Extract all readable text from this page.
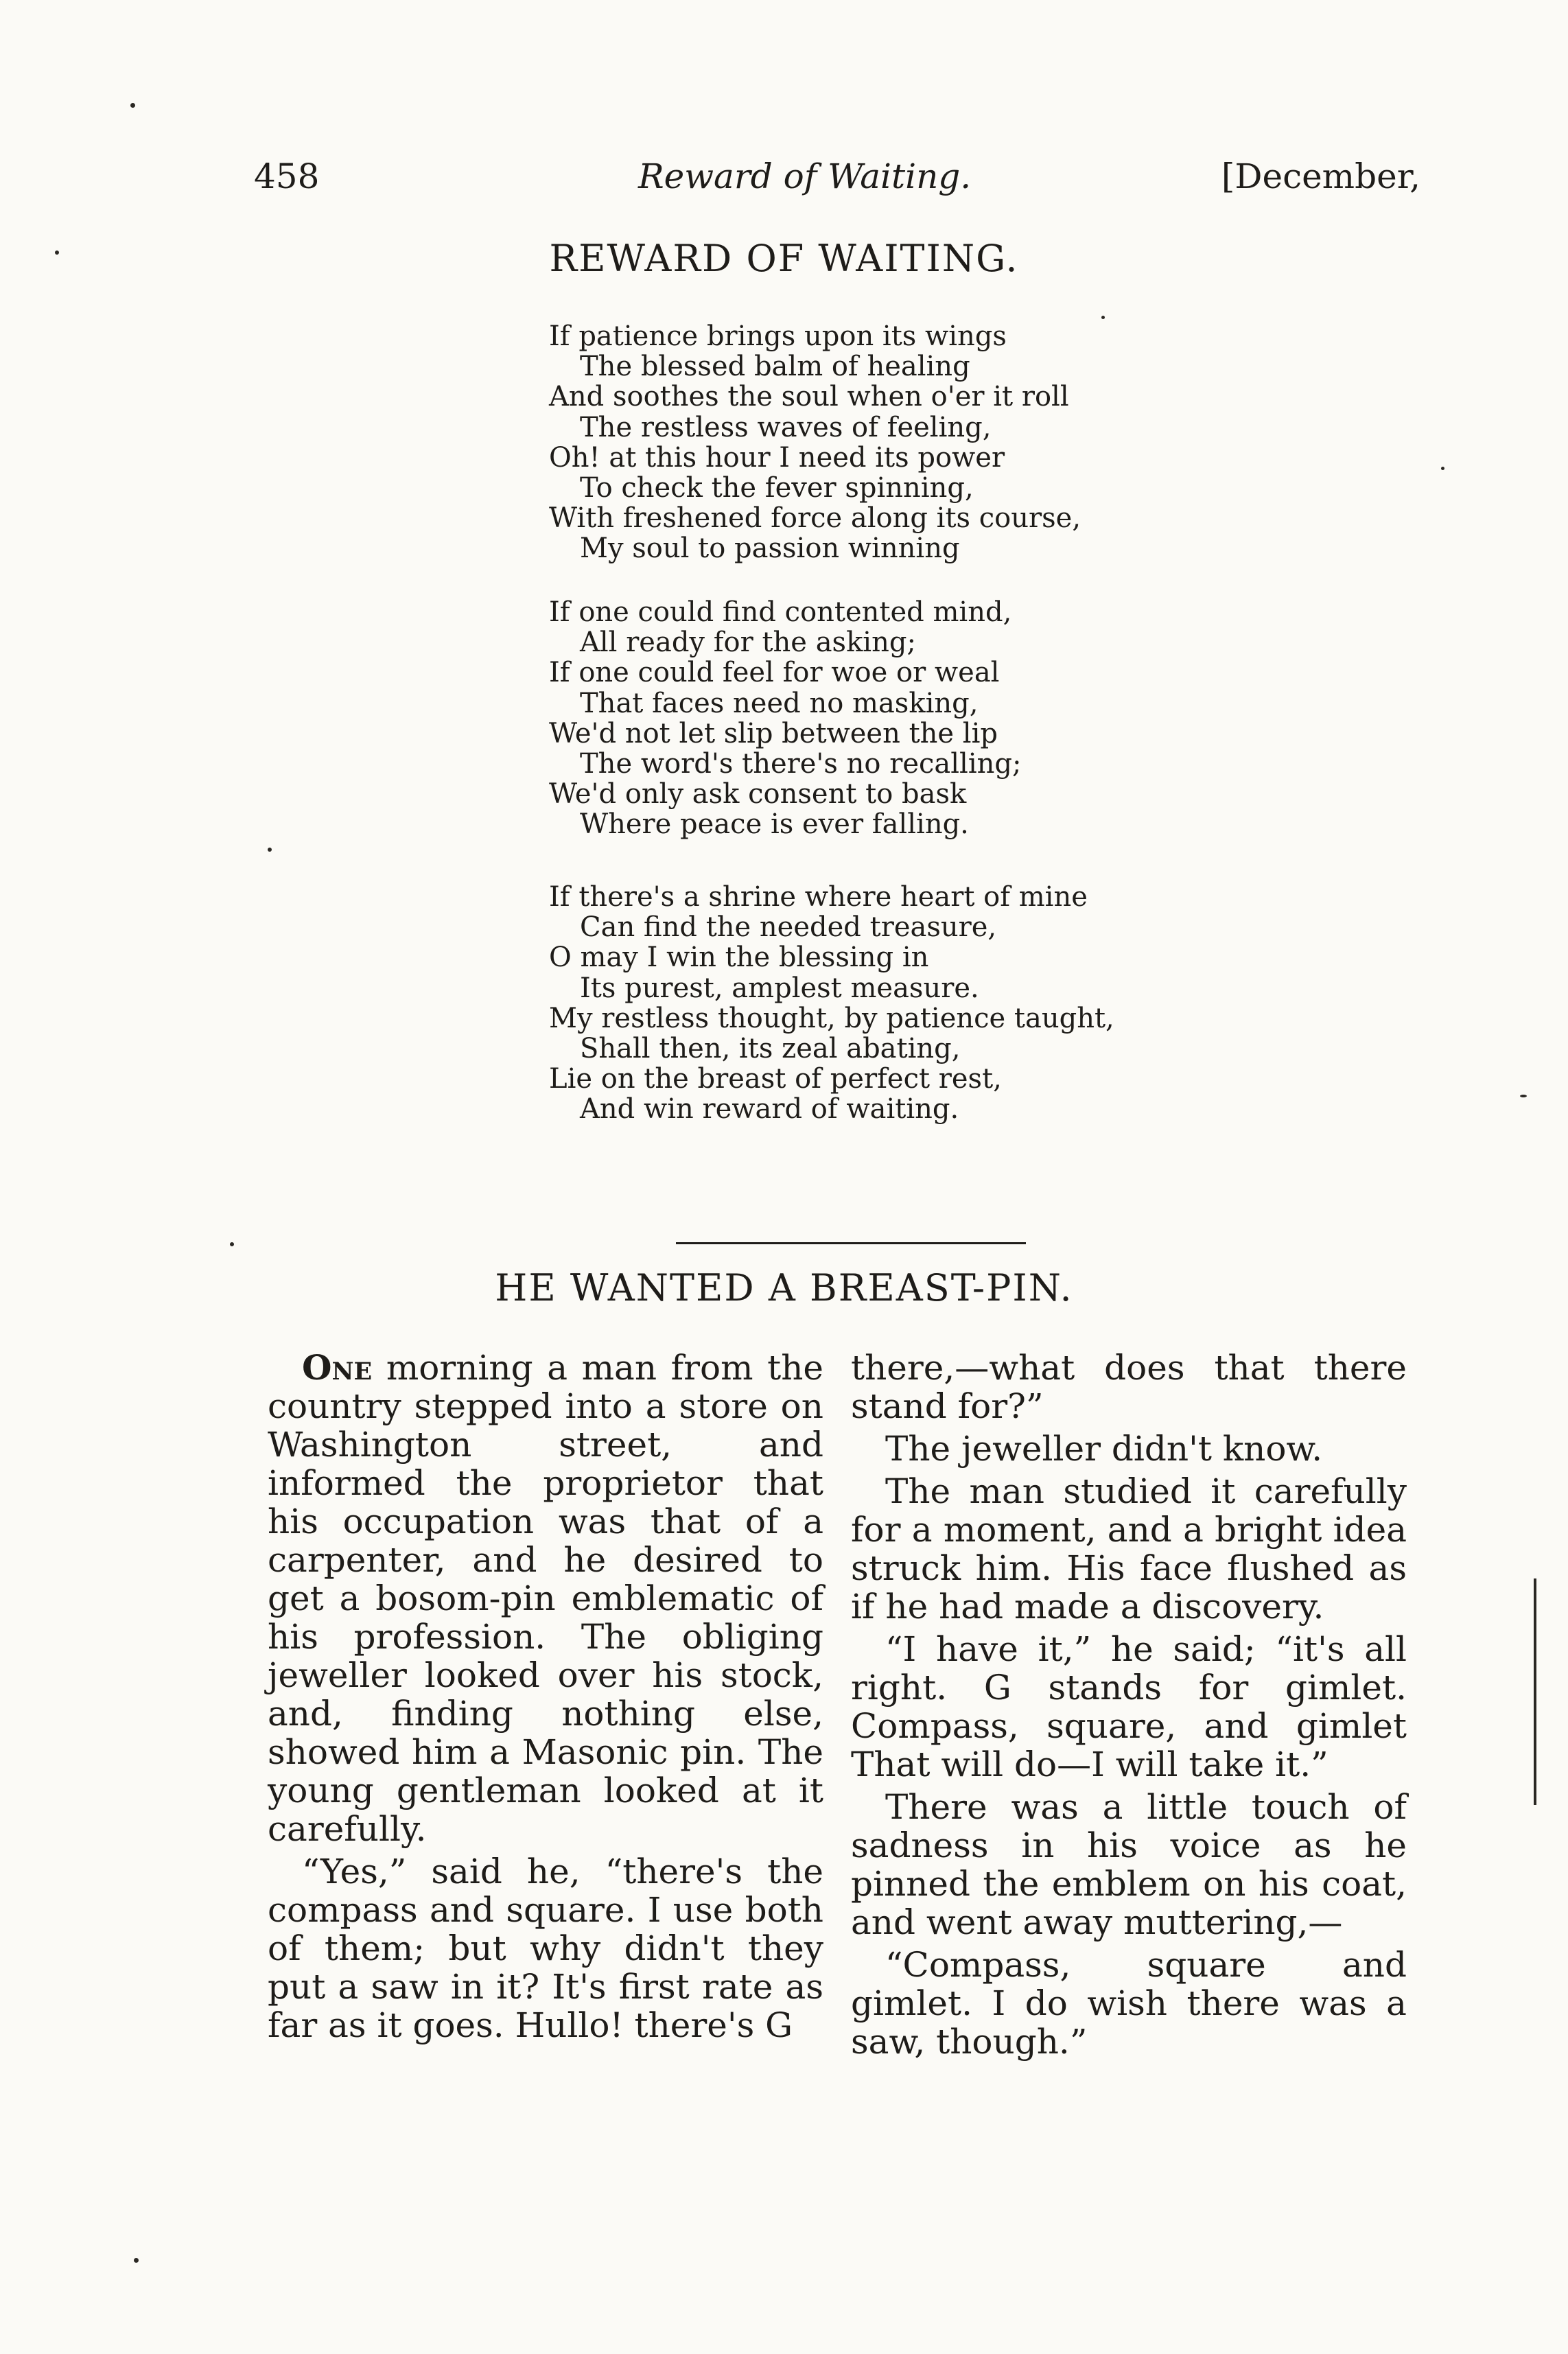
458	Reward of Waiting.	[December,
REWARD OF WAITING.
If patience brings upon its wings
The blessed balm of healing
And soothes the soul when o'er it roll
The restless waves of feeling,
Oh! at this hour I need its power
To check the fever spinning,
With freshened force along its course,
My soul to passion winning
If one could find contented mind,
All ready for the asking;
If one could feel for woe or weal
That faces need no masking,
We'd not let slip between the lip
The word's there's no recalling;
We'd only ask consent to bask
Where peace is ever falling.
If there's a shrine where heart of mine
Can find the needed treasure,
O may I win the blessing in
Its purest, amplest measure.
My restless thought, by patience taught,
Shall then, its zeal abating,
Lie on the breast of perfect rest,
And win reward of waiting.
HE WANTED A BREAST-PIN.

One morning a man from the country stepped into a store on Washington street, and informed the proprietor that his occupation was that of a carpenter, and he desired to get a bosom-pin emblematic of his profession. The obliging jeweller looked over his stock, and, finding nothing else, showed him a Masonic pin. The young gentleman looked at it carefully.

“Yes,” said he, “there's the compass and square. I use both of them; but why didn't they put a saw in it? It's first rate as far as it goes. Hullo! there's G

there,—what does that there stand for?”

The jeweller didn't know.

The man studied it carefully for a moment, and a bright idea struck him. His face flushed as if he had made a discovery.

“I have it,” he said; “it's all right. G stands for gimlet. Compass, square, and gimlet That will do—I will take it.”

There was a little touch of sadness in his voice as he pinned the emblem on his coat, and went away muttering,—

“Compass, square and gimlet. I do wish there was a saw, though.”
